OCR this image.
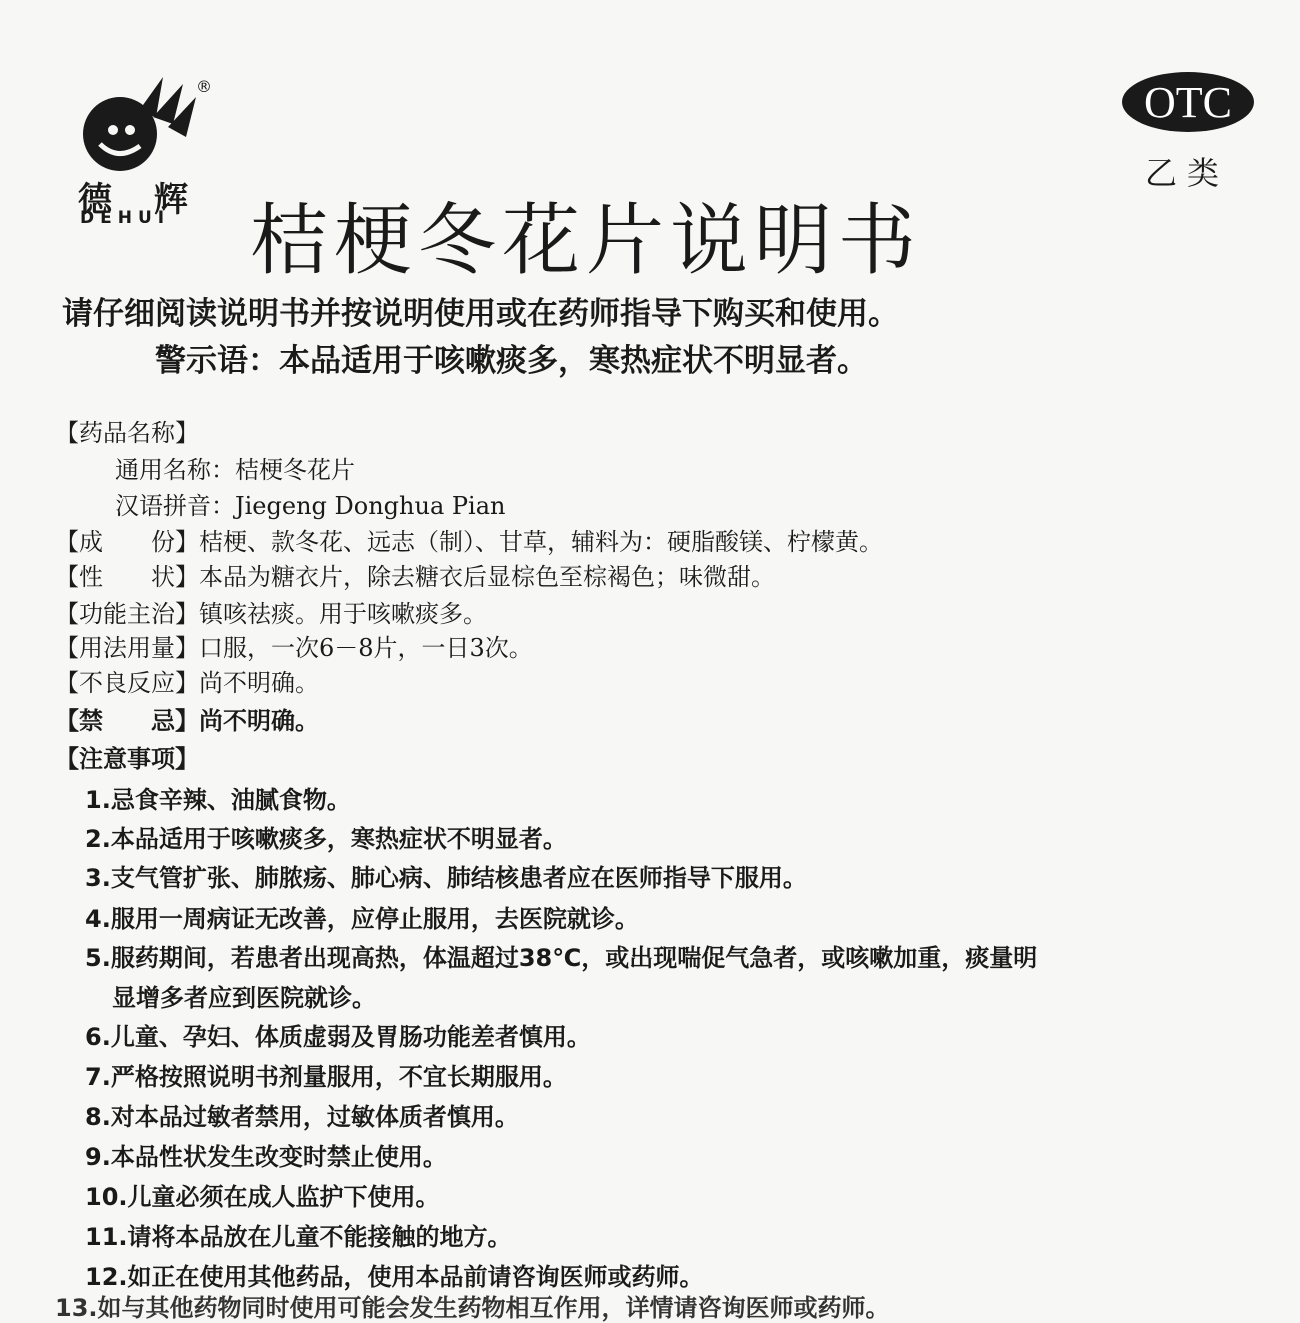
®
德 辉
DEHUI
OTC
乙类
桔梗冬花片说明书
请仔细阅读说明书并按说明使用或在药师指导下购买和使用。
警示语：本品适用于咳嗽痰多，寒热症状不明显者。
【药品名称】
通用名称：桔梗冬花片
汉语拼音：Jiegeng Donghua Pian
【成　　份】桔梗、款冬花、远志（制）、甘草，辅料为：硬脂酸镁、柠檬黄。
【性　　状】本品为糖衣片，除去糖衣后显棕色至棕褐色；味微甜。
【功能主治】镇咳祛痰。用于咳嗽痰多。
【用法用量】口服，一次6－8片，一日3次。
【不良反应】尚不明确。
【禁　　忌】尚不明确。
【注意事项】
1.忌食辛辣、油腻食物。
2.本品适用于咳嗽痰多，寒热症状不明显者。
3.支气管扩张、肺脓疡、肺心病、肺结核患者应在医师指导下服用。
4.服用一周病证无改善，应停止服用，去医院就诊。
5.服药期间，若患者出现高热，体温超过38℃，或出现喘促气急者，或咳嗽加重，痰量明
显增多者应到医院就诊。
6.儿童、孕妇、体质虚弱及胃肠功能差者慎用。
7.严格按照说明书剂量服用，不宜长期服用。
8.对本品过敏者禁用，过敏体质者慎用。
9.本品性状发生改变时禁止使用。
10.儿童必须在成人监护下使用。
11.请将本品放在儿童不能接触的地方。
12.如正在使用其他药品，使用本品前请咨询医师或药师。
13.如与其他药物同时使用可能会发生药物相互作用，详情请咨询医师或药师。
